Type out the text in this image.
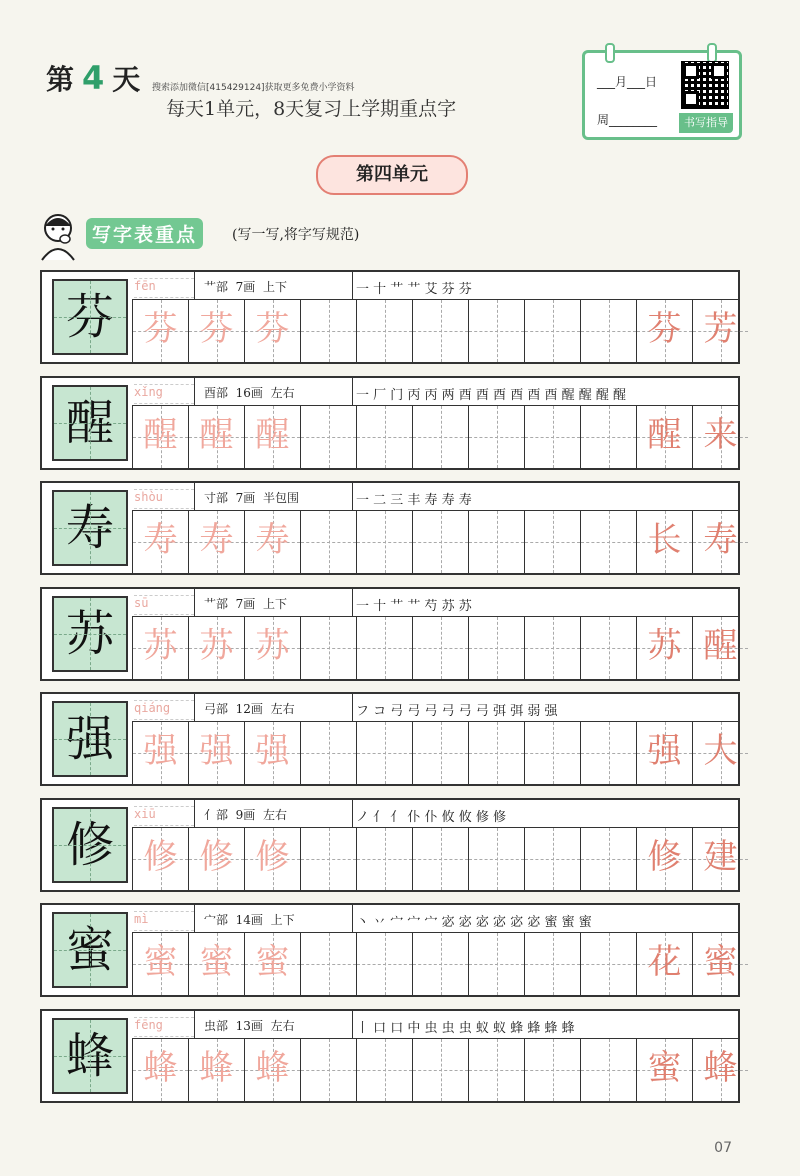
第 4 天 搜索添加微信[415429124]获取更多免费小学资料
每天1单元，8天复习上学期重点字
___月___日
周________	书写指导
第四单元
写字表重点	(写一写,将字写规范)
芬
fēn	艹部 7画 上下	一 十 艹 艹 艾 芬 芬
芬 芬 芬	芬 芳
醒
xǐng	酉部 16画 左右	一 厂 门 丙 丙 两 酉 酉 酉 酉 酉 酉 醒 醒 醒 醒
醒 醒 醒	醒 来
寿
shòu	寸部 7画 半包围	一 二 三 丰 寿 寿 寿
寿 寿 寿	长 寿
苏
sū	艹部 7画 上下	一 十 艹 艹 芍 苏 苏
苏 苏 苏	苏 醒
强
qiáng	弓部 12画 左右	フ コ 弓 弓 弓 弓 弓 弓 弭 弭 弱 强
强 强 强	强 大
修
xiū	亻部 9画 左右	ノ 亻 亻 仆 仆 攸 攸 修 修
修 修 修	修 建
蜜
mì	宀部 14画 上下	丶 丷 宀 宀 宀 宓 宓 宓 宓 宓 宓 蜜 蜜 蜜
蜜 蜜 蜜	花 蜜
蜂
fēng	虫部 13画 左右	丨 口 口 中 虫 虫 虫 蚁 蚁 蜂 蜂 蜂 蜂
蜂 蜂 蜂	蜜 蜂
07
